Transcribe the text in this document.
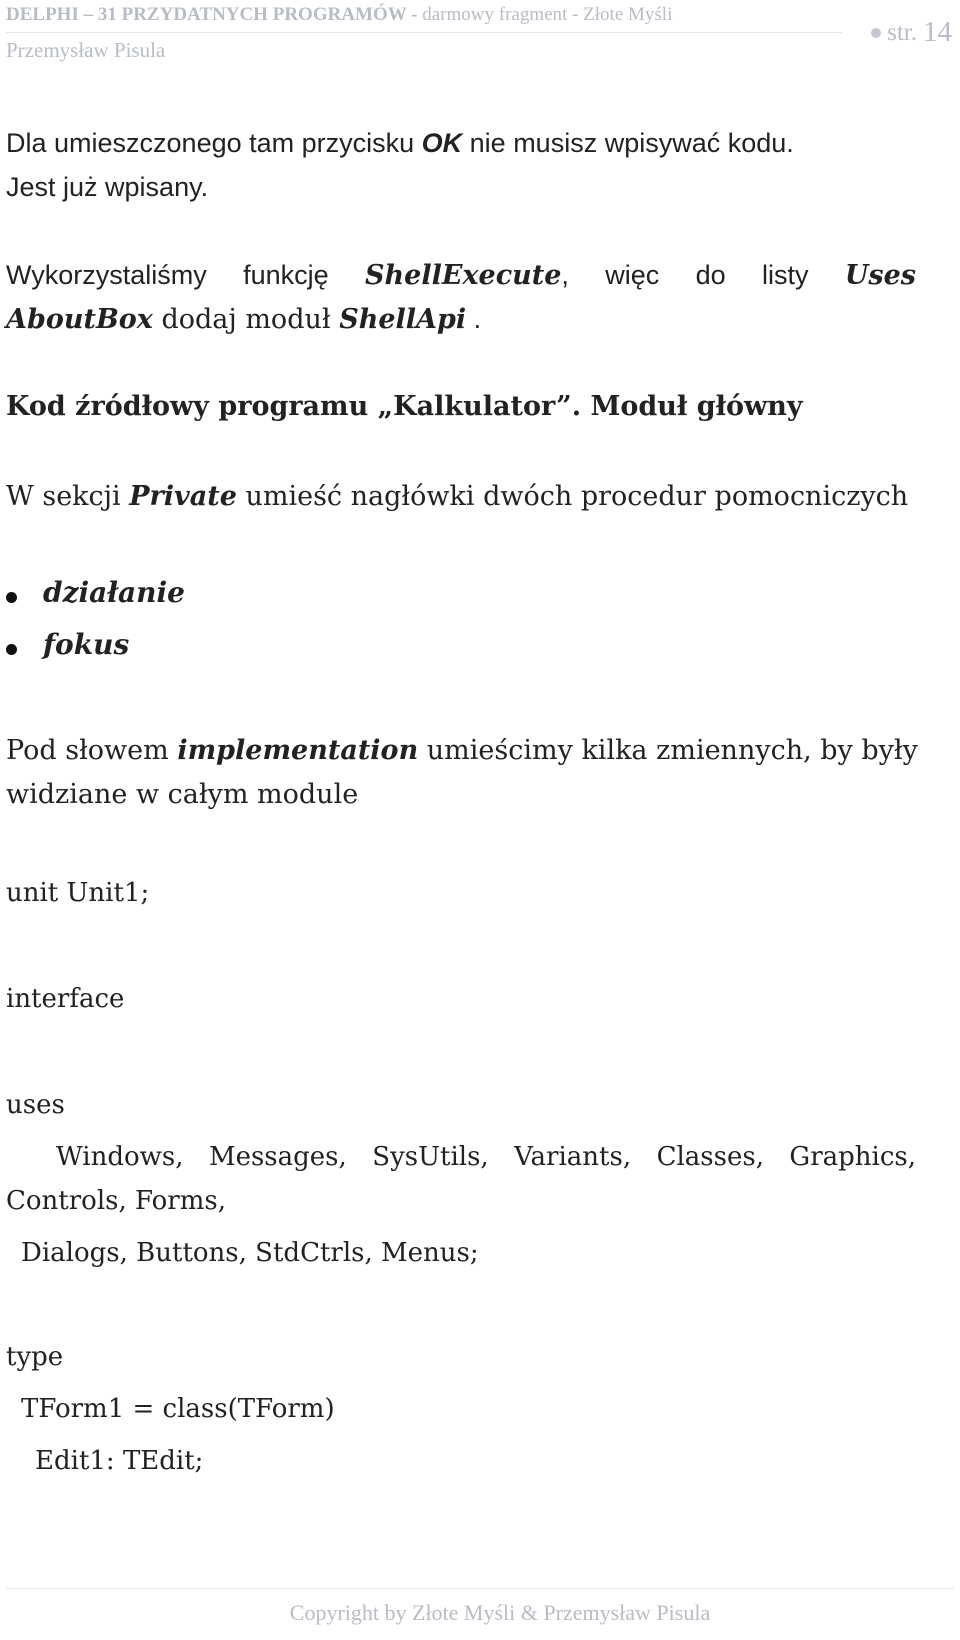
DELPHI – 31 PRZYDATNYCH PROGRAMÓW - darmowy fragment - Złote Myśli
Przemysław Pisula
str. 14

Dla umieszczonego tam przycisku OK nie musisz wpisywać kodu.

Jest już wpisany.

Wykorzystaliśmy funkcję ShellExecute, więc do listy Uses

AboutBox dodaj moduł ShellApi .

Kod źródłowy programu „Kalkulator”. Moduł główny

W sekcji Private umieść nagłówki dwóch procedur pomocniczych

działanie
fokus

Pod słowem implementation umieścimy kilka zmiennych, by były

widziane w całym module

unit Unit1;

interface

uses

Windows, Messages, SysUtils, Variants, Classes, Graphics,

Controls, Forms,

Dialogs, Buttons, StdCtrls, Menus;

type

TForm1 = class(TForm)

Edit1: TEdit;

Copyright by Złote Myśli & Przemysław Pisula
